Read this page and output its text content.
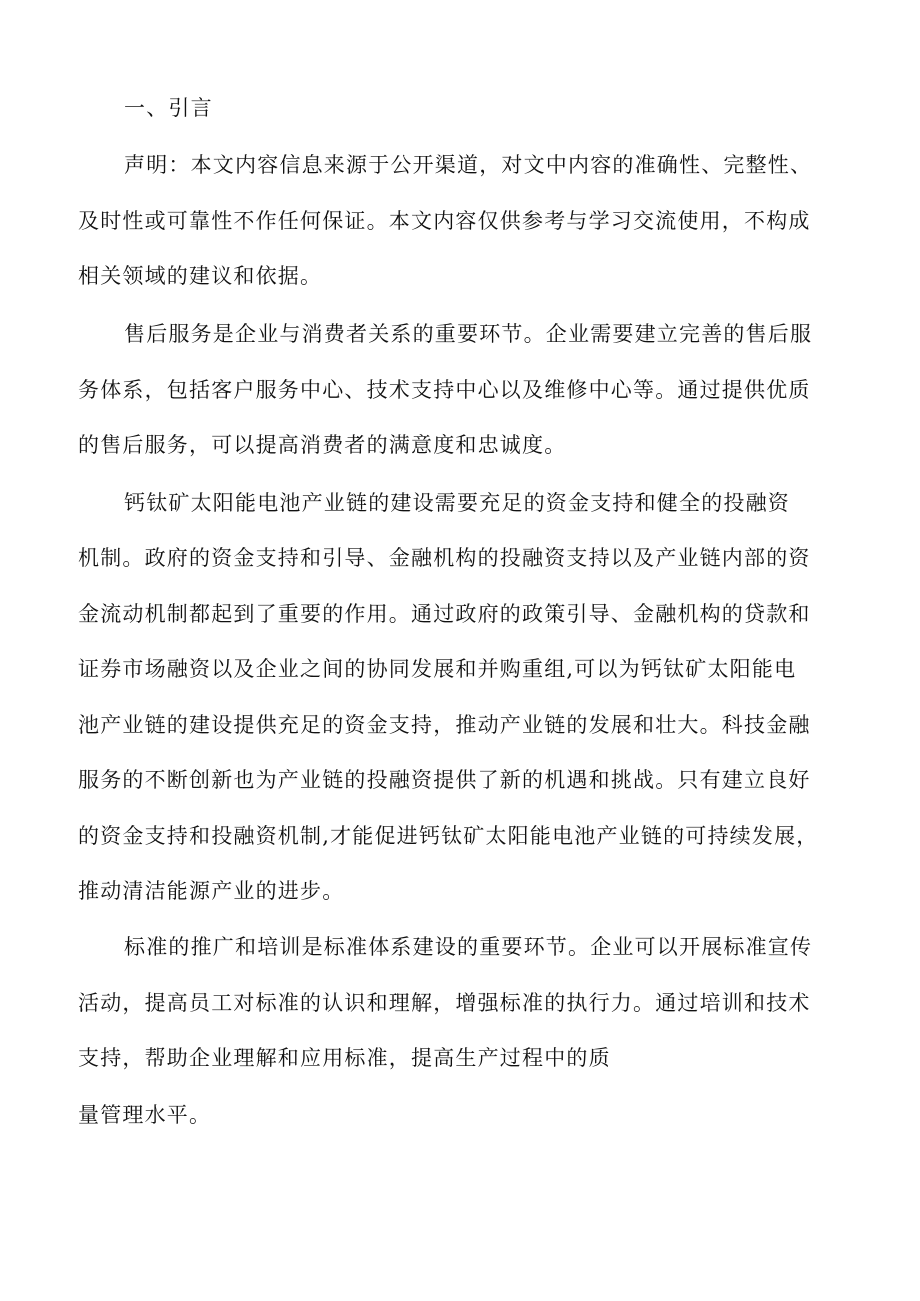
一、引言
声明：本文内容信息来源于公开渠道，对文中内容的准确性、完整性、
及时性或可靠性不作任何保证。本文内容仅供参考与学习交流使用，不构成
相关领域的建议和依据。
售后服务是企业与消费者关系的重要环节。企业需要建立完善的售后服
务体系，包括客户服务中心、技术支持中心以及维修中心等。通过提供优质
的售后服务，可以提高消费者的满意度和忠诚度。
钙钛矿太阳能电池产业链的建设需要充足的资金支持和健全的投融资
机制。政府的资金支持和引导、金融机构的投融资支持以及产业链内部的资
金流动机制都起到了重要的作用。通过政府的政策引导、金融机构的贷款和
证券市场融资以及企业之间的协同发展和并购重组,可以为钙钛矿太阳能电
池产业链的建设提供充足的资金支持，推动产业链的发展和壮大。科技金融
服务的不断创新也为产业链的投融资提供了新的机遇和挑战。只有建立良好
的资金支持和投融资机制,才能促进钙钛矿太阳能电池产业链的可持续发展，
推动清洁能源产业的进步。
标准的推广和培训是标准体系建设的重要环节。企业可以开展标准宣传
活动，提高员工对标准的认识和理解，增强标准的执行力。通过培训和技术
支持，帮助企业理解和应用标准，提高生产过程中的质
量管理水平。
